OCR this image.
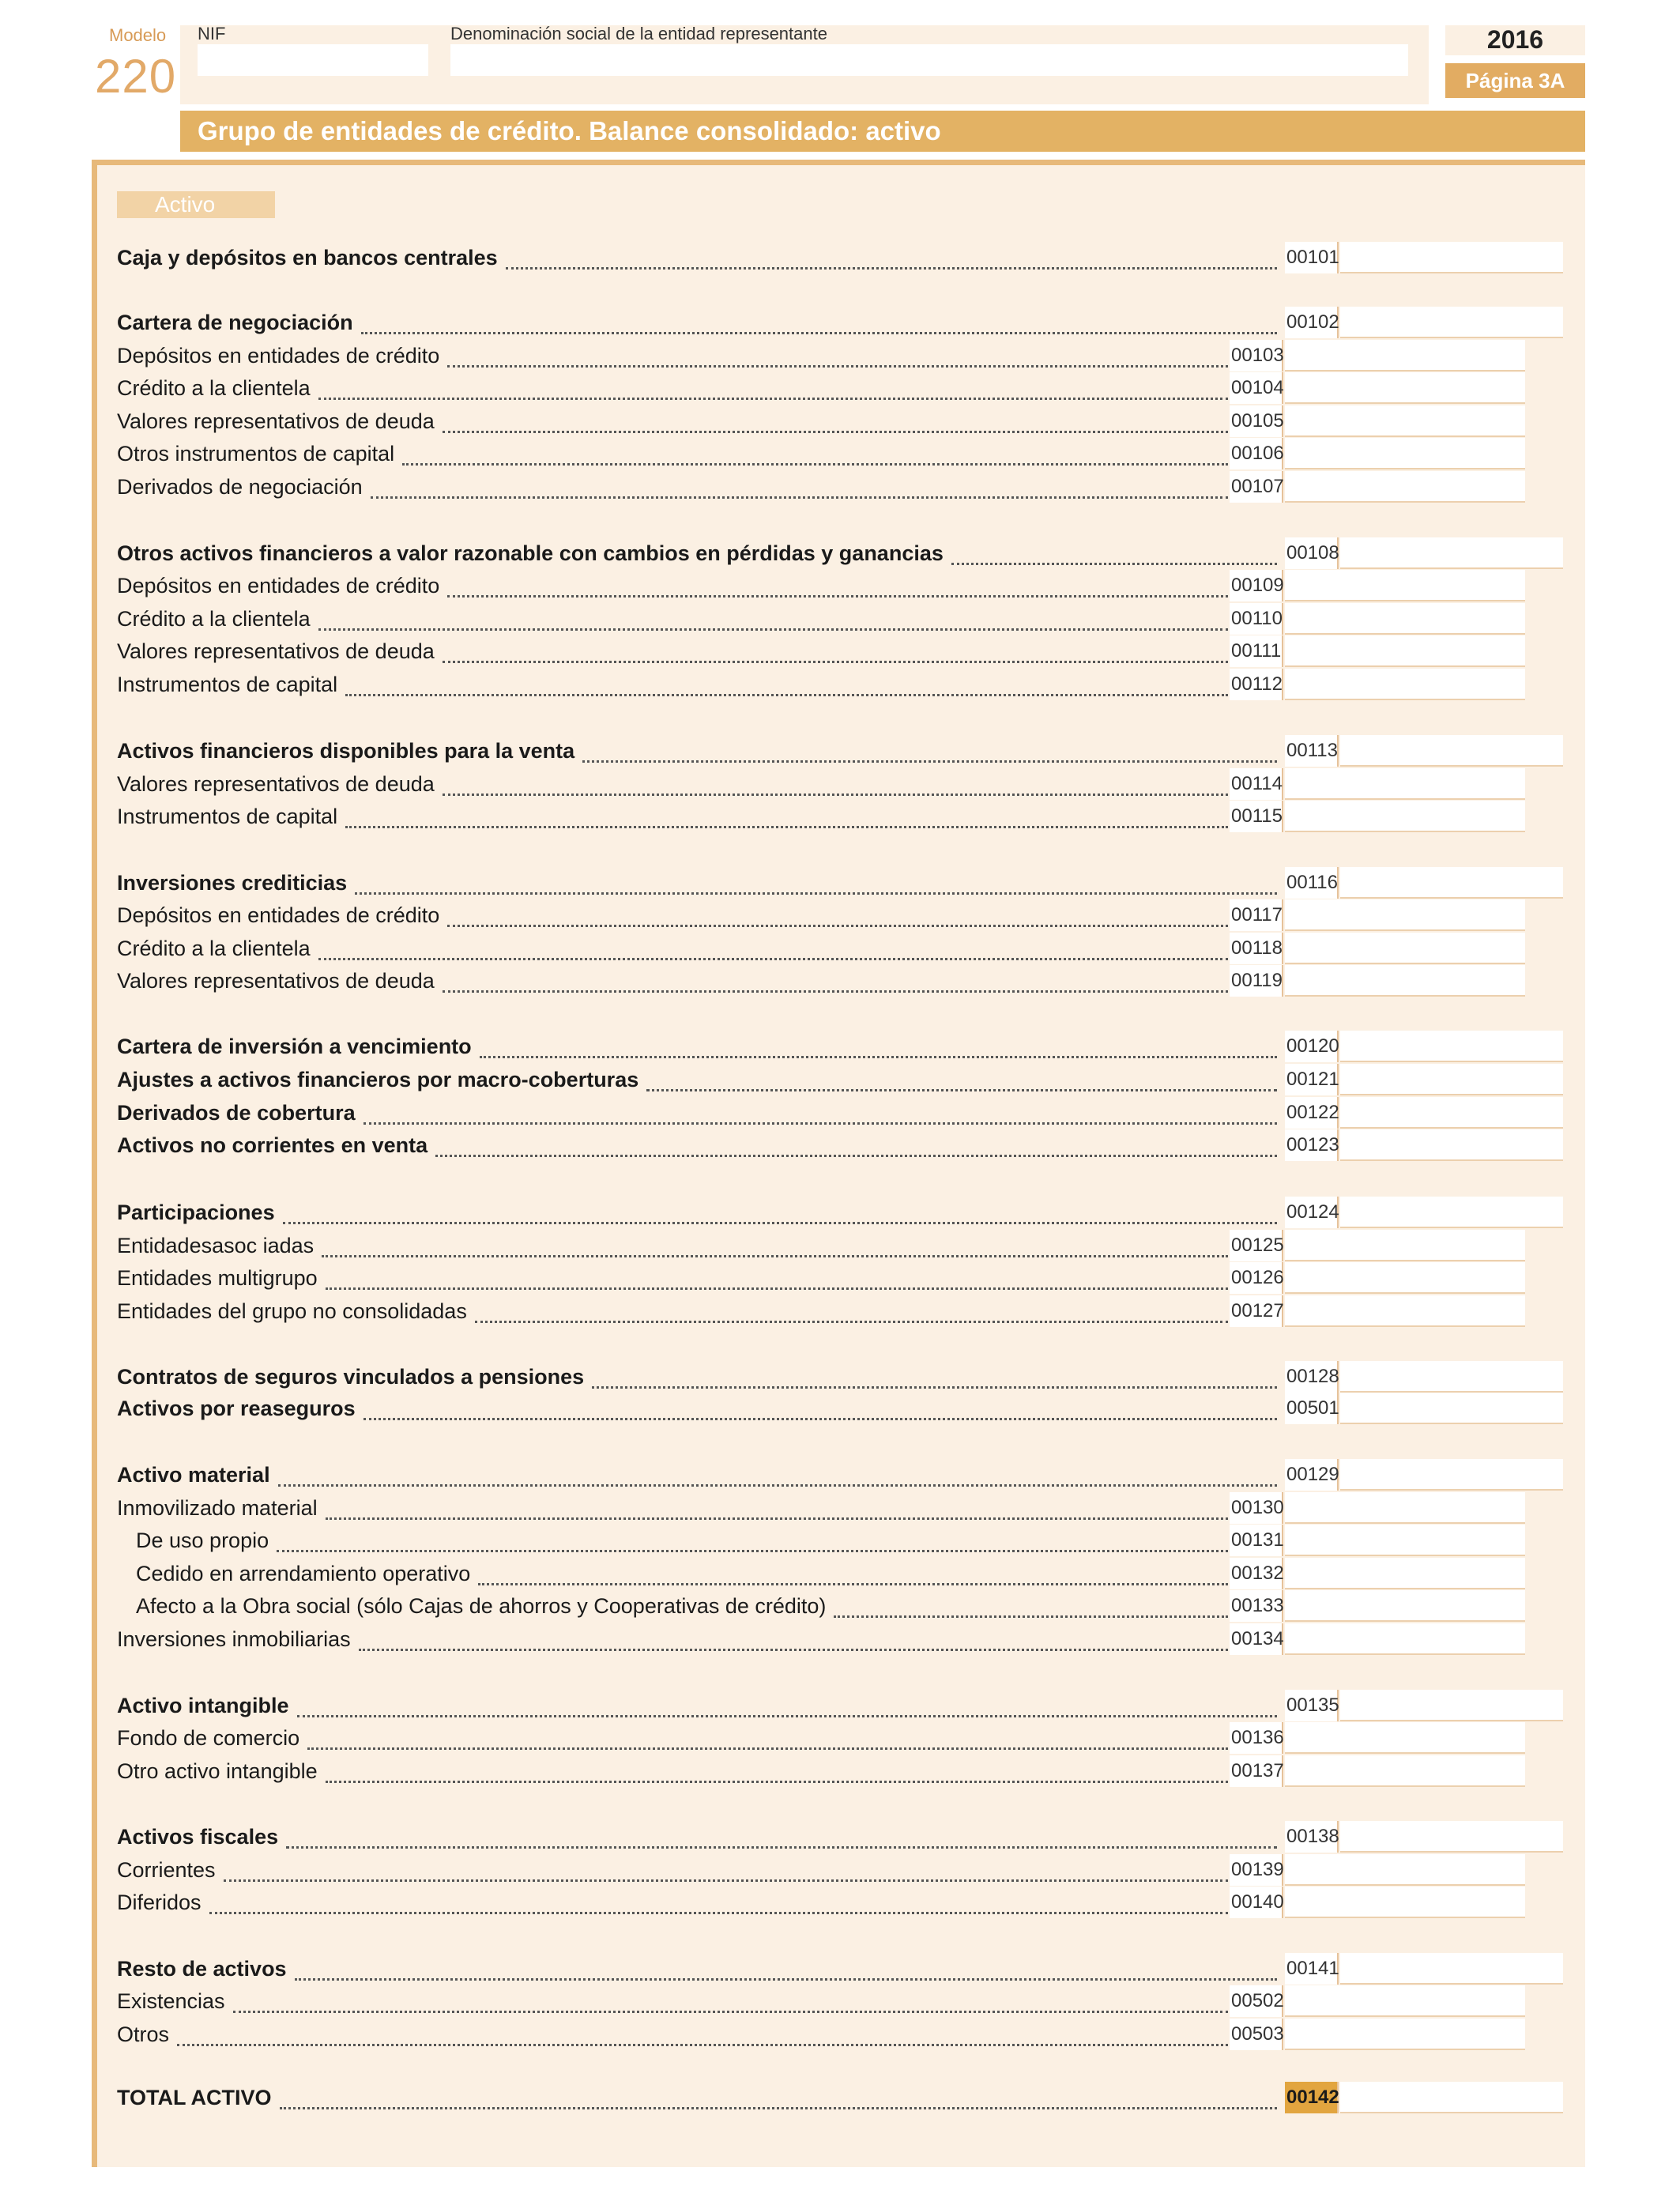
Modelo
220
NIF	Denominación social de la entidad representante	2016
Página 3A
Grupo de entidades de crédito. Balance consolidado: activo
Activo
Caja y depósitos en bancos centrales	00101
Cartera de negociación	00102
Depósitos en entidades de crédito	00103
Crédito a la clientela	00104
Valores representativos de deuda	00105
Otros instrumentos de capital	00106
Derivados de negociación	00107
Otros activos financieros a valor razonable con cambios en pérdidas y ganancias	00108
Depósitos en entidades de crédito	00109
Crédito a la clientela	00110
Valores representativos de deuda	00111
Instrumentos de capital	00112
Activos financieros disponibles para la venta	00113
Valores representativos de deuda	00114
Instrumentos de capital	00115
Inversiones crediticias	00116
Depósitos en entidades de crédito	00117
Crédito a la clientela	00118
Valores representativos de deuda	00119
Cartera de inversión a vencimiento	00120
Ajustes a activos financieros por macro-coberturas	00121
Derivados de cobertura	00122
Activos no corrientes en venta	00123
Participaciones	00124
Entidadesasoc iadas	00125
Entidades multigrupo	00126
Entidades del grupo no consolidadas	00127
Contratos de seguros vinculados a pensiones	00128
Activos por reaseguros	00501
Activo material	00129
Inmovilizado material	00130
De uso propio	00131
Cedido en arrendamiento operativo	00132
Afecto a la Obra social (sólo Cajas de ahorros y Cooperativas de crédito)	00133
Inversiones inmobiliarias	00134
Activo intangible	00135
Fondo de comercio	00136
Otro activo intangible	00137
Activos fiscales	00138
Corrientes	00139
Diferidos	00140
Resto de activos	00141
Existencias	00502
Otros	00503
TOTAL ACTIVO	00142
